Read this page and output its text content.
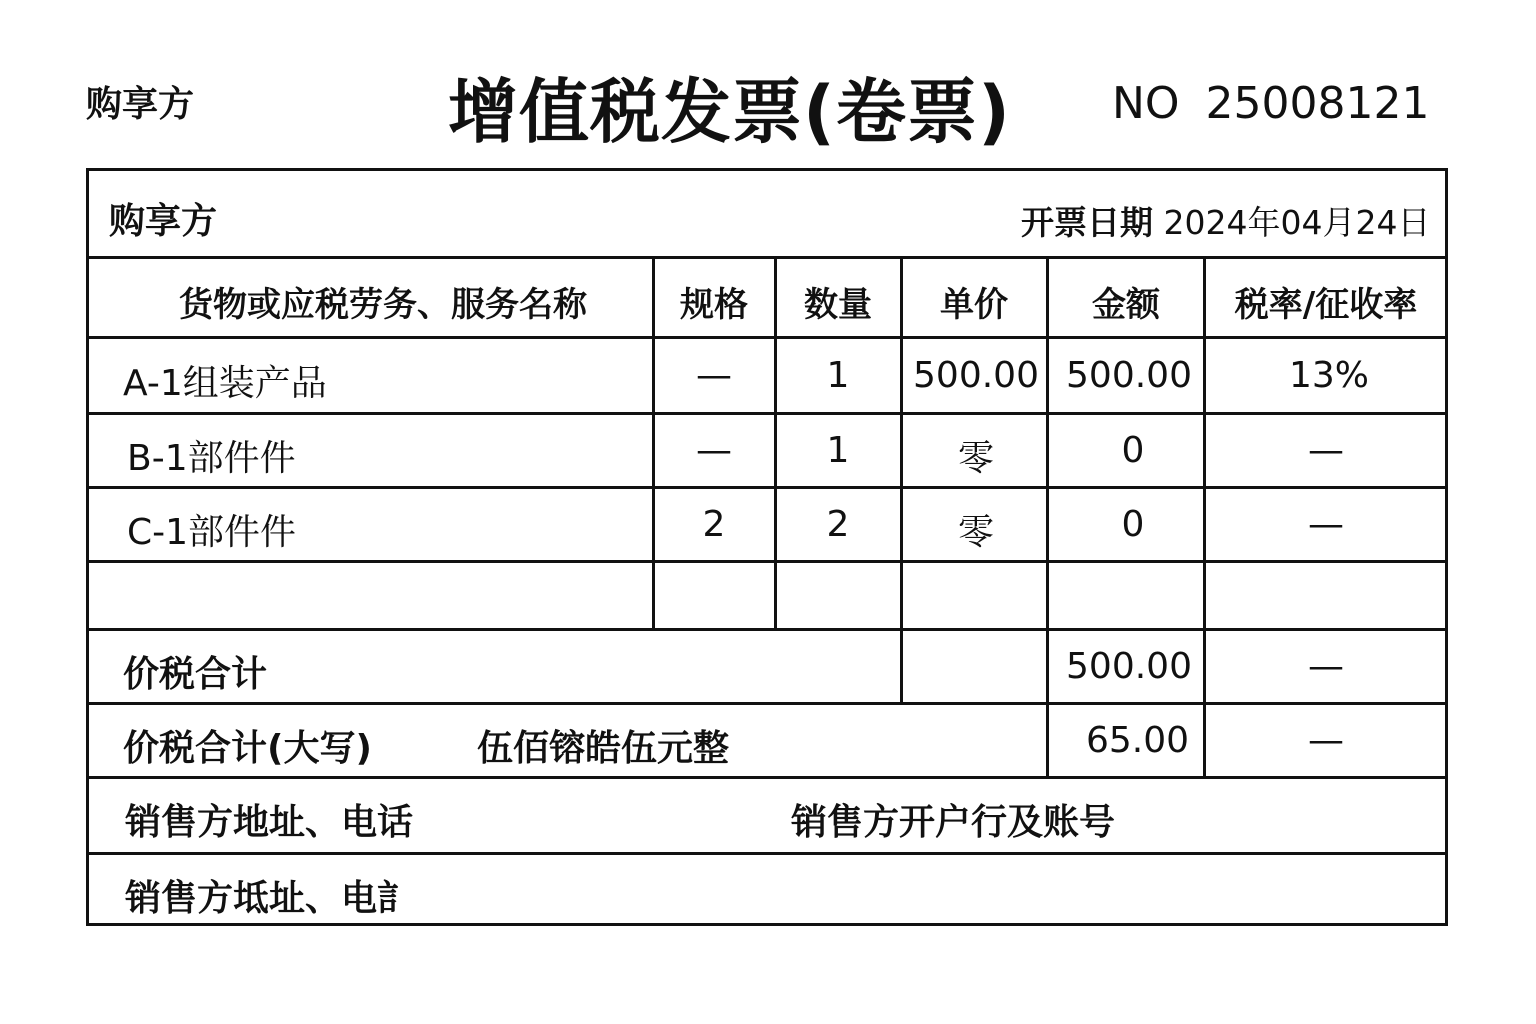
购享方	增值税发票(卷票) NO 25008121
购享方	开票日期 2024年04月24日
货物或应税劳务、服务名称	规格 数量 单价 金额 税率/征收率
A-1组装产品	—	1 500.00 500.00	13%
B-1部件件	—	1	零	0	—
C-1部件件	2	2	零	0	—
价税合计	500.00	—
价税合计(大写)	伍佰镕皓伍元整	65.00	—
销售方地址、电话	销售方开户行及账号
销售方坻址、电訁
